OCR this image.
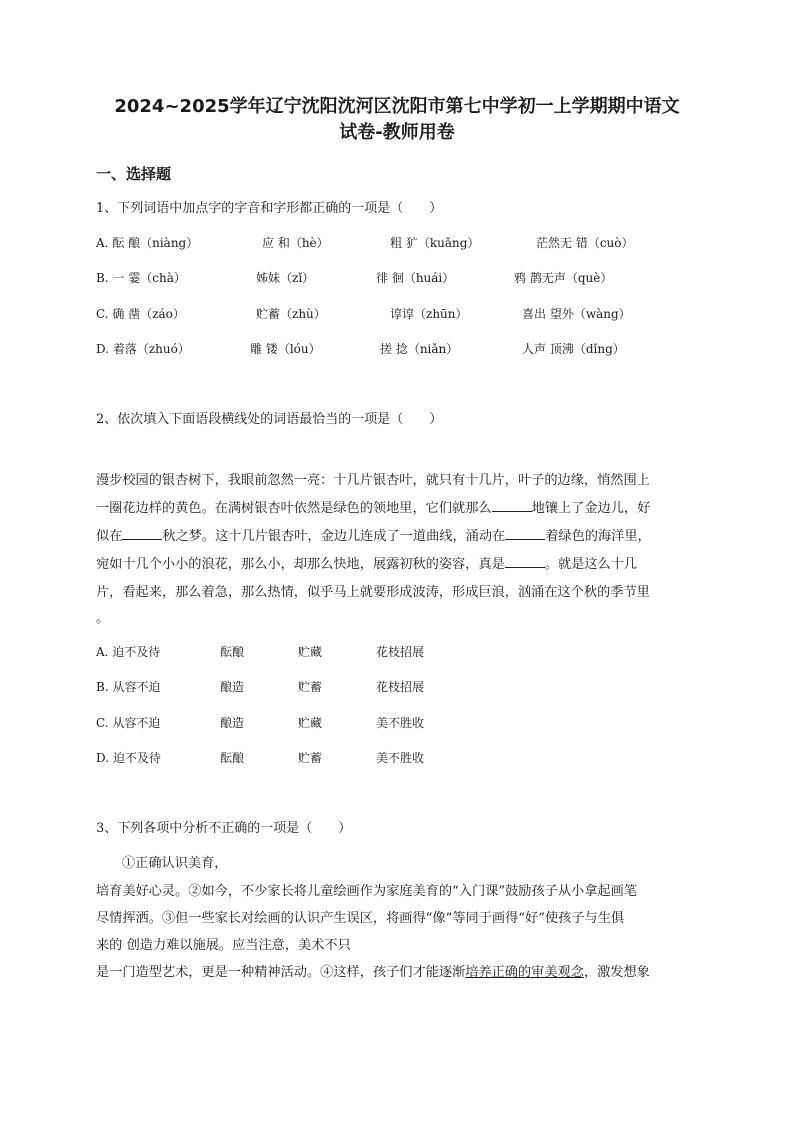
2024~2025学年辽宁沈阳沈河区沈阳市第七中学初一上学期期中语文
试卷-教师用卷
一、选择题
1、下列词语中加点字的字音和字形都正确的一项是（　　）
A. 酝 酿（niàng）	应 和（hè）	粗 犷（kuǎng）	茫然无 错（cuò）
B. 一 霎（chà）	姊妹（zǐ）	徘 徊（huái）	鸦 鹊无声（què）
C. 确 凿（záo）	贮蓄（zhù）	谆谆（zhūn）	喜出 望外（wàng）
D. 着落（zhuó）	雕 镂（lóu）	搓 捻（niǎn）	人声 顶沸（dǐng）
2、依次填入下面语段横线处的词语最恰当的一项是（　　）
漫步校园的银杏树下，我眼前忽然一亮：十几片银杏叶，就只有十几片，叶子的边缘，悄然围上
一圈花边样的黄色。在满树银杏叶依然是绿色的领地里，它们就那么	地镶上了金边儿，好
似在	秋之梦。这十几片银杏叶，金边儿连成了一道曲线，涌动在	着绿色的海洋里，
宛如十几个小小的浪花，那么小，却那么快地，展露初秋的姿容，真是	。就是这么十几
片，看起来，那么着急，那么热情，似乎马上就要形成波涛，形成巨浪，汹涌在这个秋的季节里
。
A. 迫不及待	酝酿	贮藏	花枝招展
B. 从容不迫	酿造	贮蓄	花枝招展
C. 从容不迫	酿造	贮藏	美不胜收
D. 迫不及待	酝酿	贮蓄	美不胜收
3、下列各项中分析不正确的一项是（　　）
①正确认识美育，
培育美好心灵。②如今，不少家长将儿童绘画作为家庭美育的“入门课”鼓励孩子从小拿起画笔
尽情挥洒。③但一些家长对绘画的认识产生误区，将画得“像”等同于画得“好”使孩子与生俱
来的 创造力难以施展。应当注意，美术不只
是一门造型艺术，更是一种精神活动。④这样，孩子们才能逐渐培养正确的审美观念，激发想象
